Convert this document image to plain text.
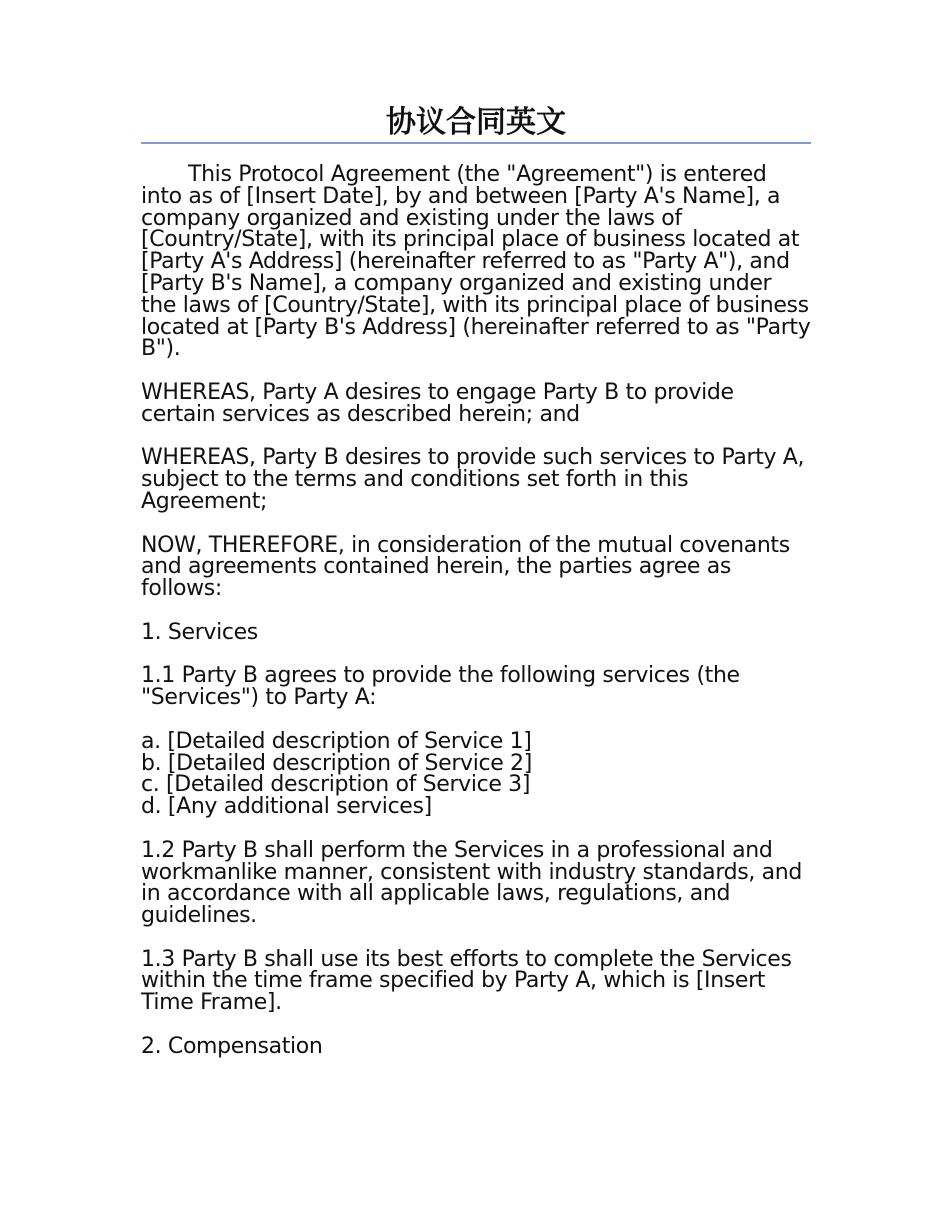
协议合同英文

This Protocol Agreement (the "Agreement") is entered into as of [Insert Date], by and between [Party A's Name], a company organized and existing under the laws of [Country/State], with its principal place of business located at [Party A's Address] (hereinafter referred to as "Party A"), and [Party B's Name], a company organized and existing under the laws of [Country/State], with its principal place of business located at [Party B's Address] (hereinafter referred to as "Party B").

WHEREAS, Party A desires to engage Party B to provide certain services as described herein; and

WHEREAS, Party B desires to provide such services to Party A, subject to the terms and conditions set forth in this Agreement;

NOW, THEREFORE, in consideration of the mutual covenants and agreements contained herein, the parties agree as follows:

1. Services

1.1 Party B agrees to provide the following services (the "Services") to Party A:

a. [Detailed description of Service 1]
b. [Detailed description of Service 2]
c. [Detailed description of Service 3]
d. [Any additional services]

1.2 Party B shall perform the Services in a professional and workmanlike manner, consistent with industry standards, and in accordance with all applicable laws, regulations, and guidelines.

1.3 Party B shall use its best efforts to complete the Services within the time frame specified by Party A, which is [Insert Time Frame].

2. Compensation
